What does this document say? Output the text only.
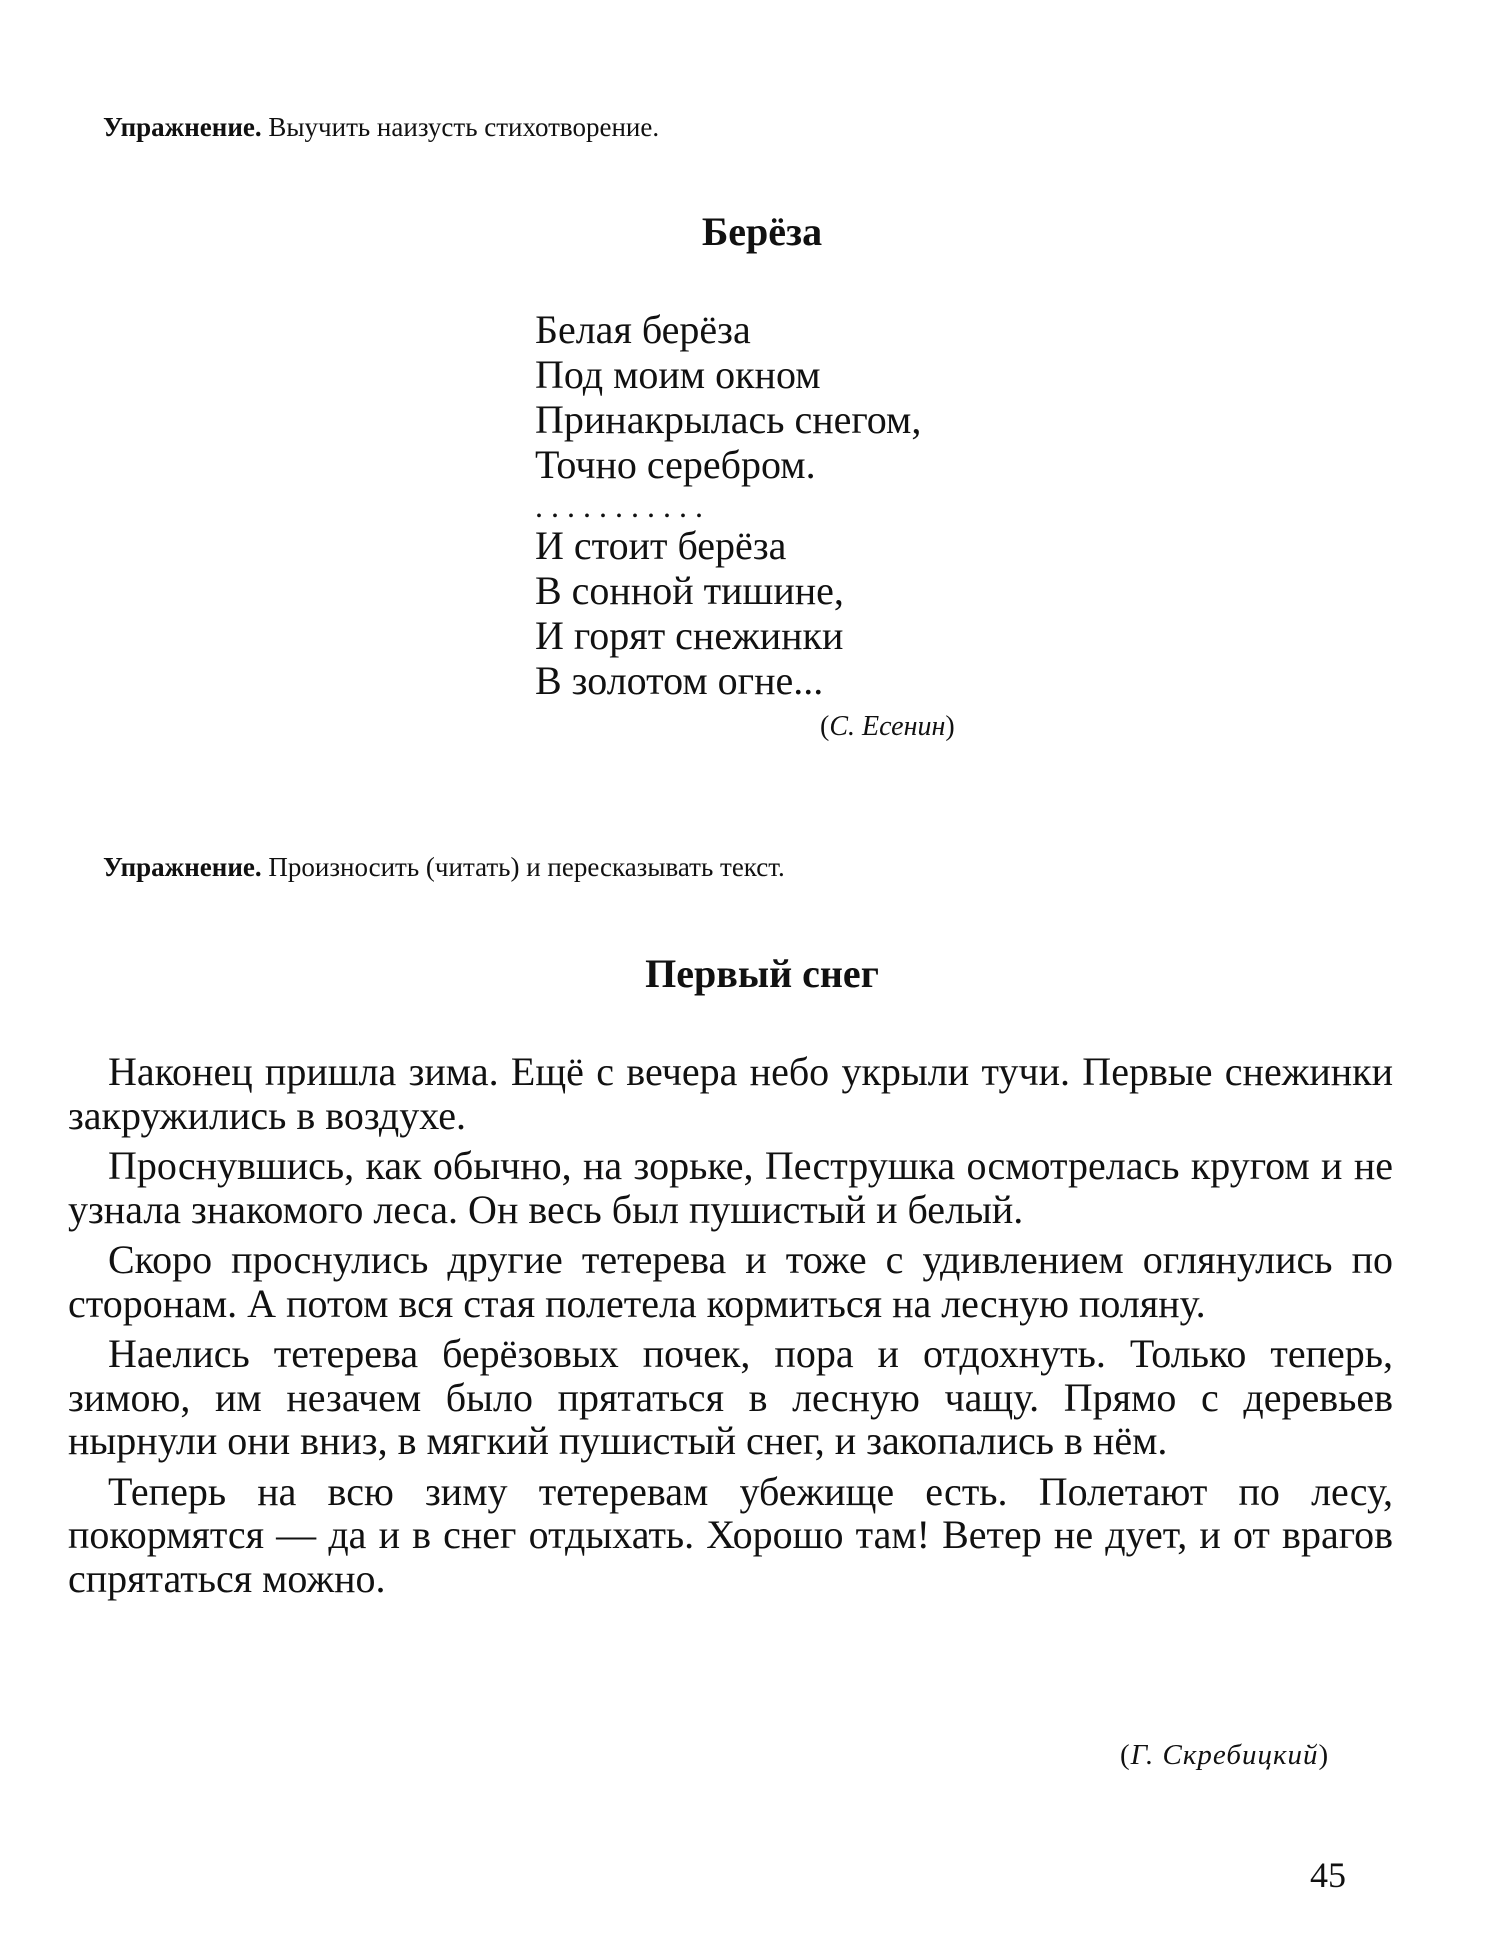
Упражнение. Выучить наизусть стихотворение.
Берёза
Белая берёза
Под моим окном
Принакрылась снегом,
Точно серебром.
...........
И стоит берёза
В сонной тишине,
И горят снежинки
В золотом огне...
(С. Есенин)
Упражнение. Произносить (читать) и пересказывать текст.
Первый снег

Наконец пришла зима. Ещё с вечера небо укрыли тучи. Первые снежинки закружились в воздухе.

Проснувшись, как обычно, на зорьке, Пеструшка осмотрелась кругом и не узнала знакомого леса. Он весь был пушистый и белый.

Скоро проснулись другие тетерева и тоже с удивлением оглянулись по сторонам. А потом вся стая полетела кормиться на лесную поляну.

Наелись тетерева берёзовых почек, пора и отдохнуть. Только теперь, зимою, им незачем было прятаться в лесную чащу. Прямо с деревьев нырнули они вниз, в мягкий пушистый снег, и закопались в нём.

Теперь на всю зиму тетеревам убежище есть. Полетают по лесу, покормятся — да и в снег отдыхать. Хорошо там! Ветер не дует, и от врагов спрятаться можно.

(Г. Скребицкий)
45
